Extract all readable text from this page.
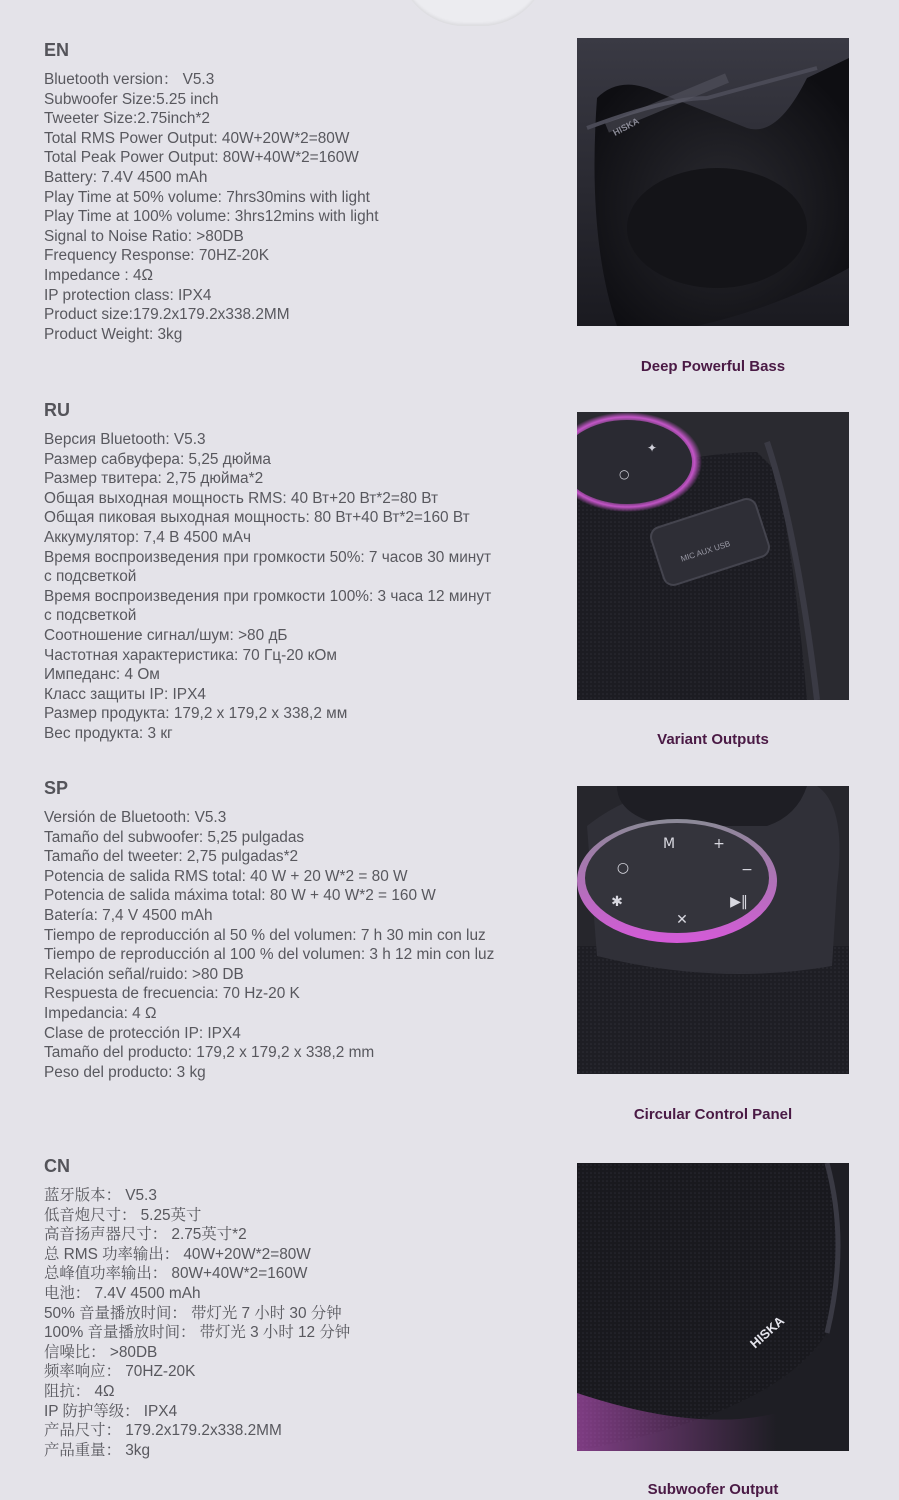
EN
Bluetooth version： V5.3
Subwoofer Size:5.25 inch
Tweeter Size:2.75inch*2
Total RMS Power Output: 40W+20W*2=80W
Total Peak Power Output: 80W+40W*2=160W
Battery: 7.4V 4500 mAh
Play Time at 50% volume: 7hrs30mins with light
Play Time at 100% volume: 3hrs12mins with light
Signal to Noise Ratio: >80DB
Frequency Response: 70HZ-20K
Impedance : 4Ω
IP protection class: IPX4
Product size:179.2x179.2x338.2MM
Product Weight: 3kg
RU
Версия Bluetooth: V5.3
Размер сабвуфера: 5,25 дюйма
Размер твитера: 2,75 дюйма*2
Общая выходная мощность RMS: 40 Вт+20 Вт*2=80 Вт
Общая пиковая выходная мощность: 80 Вт+40 Вт*2=160 Вт
Аккумулятор: 7,4 В 4500 мАч
Время воспроизведения при громкости 50%: 7 часов 30 минут с подсветкой
Время воспроизведения при громкости 100%: 3 часа 12 минут с подсветкой
Соотношение сигнал/шум: >80 дБ
Частотная характеристика: 70 Гц-20 кОм
Импеданс: 4 Ом
Класс защиты IP: IPX4
Размер продукта: 179,2 x 179,2 x 338,2 мм
Вес продукта: 3 кг
SP
Versión de Bluetooth: V5.3
Tamaño del subwoofer: 5,25 pulgadas
Tamaño del tweeter: 2,75 pulgadas*2
Potencia de salida RMS total: 40 W + 20 W*2 = 80 W
Potencia de salida máxima total: 80 W + 40 W*2 = 160 W
Batería: 7,4 V 4500 mAh
Tiempo de reproducción al 50 % del volumen: 7 h 30 min con luz
Tiempo de reproducción al 100 % del volumen: 3 h 12 min con luz
Relación señal/ruido: >80 DB
Respuesta de frecuencia: 70 Hz-20 K
Impedancia: 4 Ω
Clase de protección IP: IPX4
Tamaño del producto: 179,2 x 179,2 x 338,2 mm
Peso del producto: 3 kg
CN
蓝牙版本： V5.3
低音炮尺寸： 5.25英寸
高音扬声器尺寸： 2.75英寸*2
总 RMS 功率输出： 40W+20W*2=80W
总峰值功率输出： 80W+40W*2=160W
电池： 7.4V 4500 mAh
50% 音量播放时间： 带灯光 7 小时 30 分钟
100% 音量播放时间： 带灯光 3 小时 12 分钟
信噪比： >80DB
频率响应： 70HZ-20K
阻抗： 4Ω
IP 防护等级： IPX4
产品尺寸： 179.2x179.2x338.2MM
产品重量： 3kg
HISKA
Deep Powerful Bass
✦
○
MIC AUX USB
Variant Outputs
✕
▶‖
−
+
M
○
✱
Circular Control Panel
HISKA
Subwoofer Output
